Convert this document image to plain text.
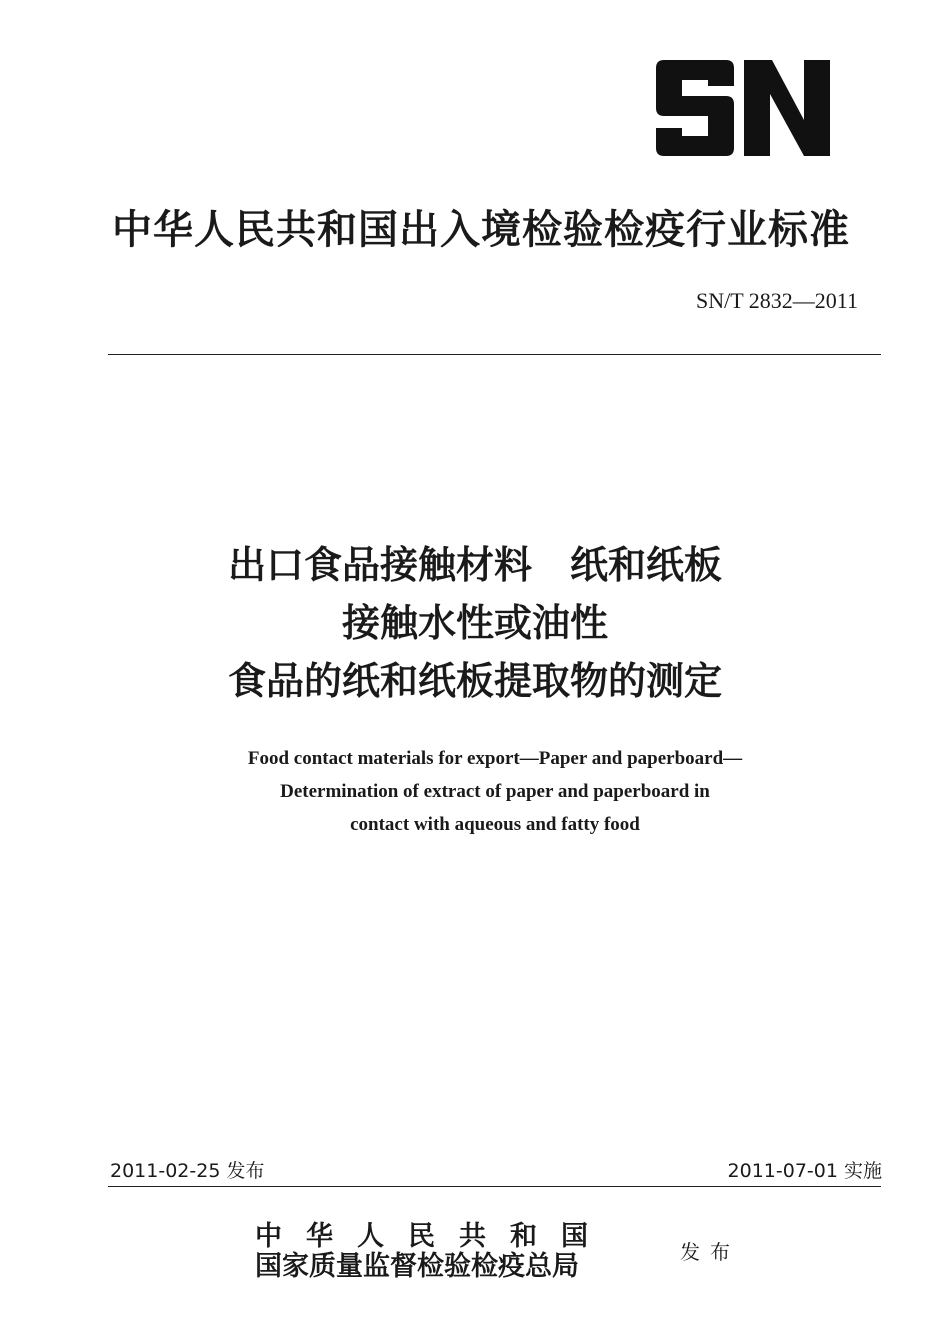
中华人民共和国出入境检验检疫行业标准
SN/T 2832—2011
出口食品接触材料　纸和纸板
接触水性或油性
食品的纸和纸板提取物的测定
Food contact materials for export—Paper and paperboard—
Determination of extract of paper and paperboard in
contact with aqueous and fatty food
2011-02-25 发布	2011-07-01 实施
中华人民共和国
国家质量监督检验检疫总局	发布
